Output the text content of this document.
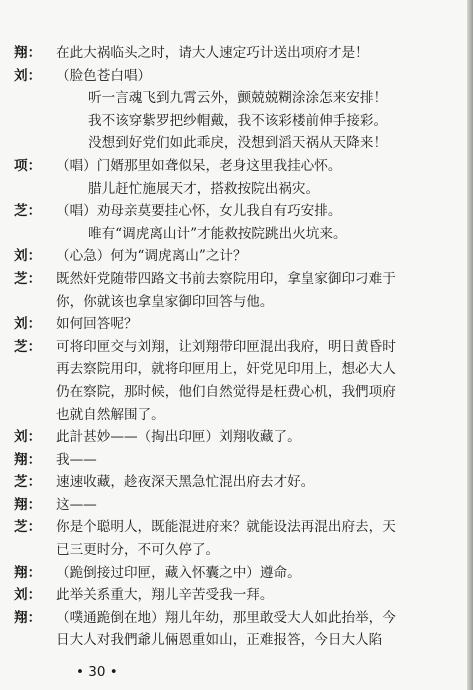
翔： 在此大祸临头之时，请大人速定巧计送出项府才是！
刘： （脸色苍白唱）
听一言魂飞到九霄云外，颤兢兢糊涂涂怎来安排！
我不该穿紫罗把纱帽戴，我不该彩楼前伸手接彩。
没想到好党们如此乖戾，没想到滔天祸从天降来！
项： （唱）门婿那里如聋似呆，老身这里我挂心怀。
腊儿赶忙施展天才，搭救按院出祸灾。
芝： （唱）劝母亲莫要挂心怀，女儿我自有巧安排。
唯有“调虎离山计”才能救按院跳出火坑来。
刘： （心急）何为“调虎离山”之计？
芝： 既然奸党随带四路文书前去察院用印，拿皇家御印刁难于
你，你就该也拿皇家御印回答与他。
刘： 如何回答呢？
芝： 可将印匣交与刘翔，让刘翔带印匣混出我府，明日黄昏时
再去察院用印，就将印匣用上，奸党见印用上，想必大人
仍在察院，那时候，他们自然觉得是枉费心机，我們项府
也就自然解围了。
刘： 此計甚妙——（掏出印匣）刘翔收藏了。
翔： 我——
芝： 速速收藏，趁夜深天黑急忙混出府去才好。
翔： 这——
芝： 你是个聪明人，既能混进府来？就能设法再混出府去，天
已三更时分，不可久停了。
翔： （跪倒接过印匣，藏入怀囊之中）遵命。
刘： 此举关系重大，翔儿辛苦受我一拜。
翔： （噗通跪倒在地）翔儿年幼，那里敢受大人如此抬举，今
日大人对我們爺儿倆恩重如山，正难报答，今日大人陷
• 30 •
